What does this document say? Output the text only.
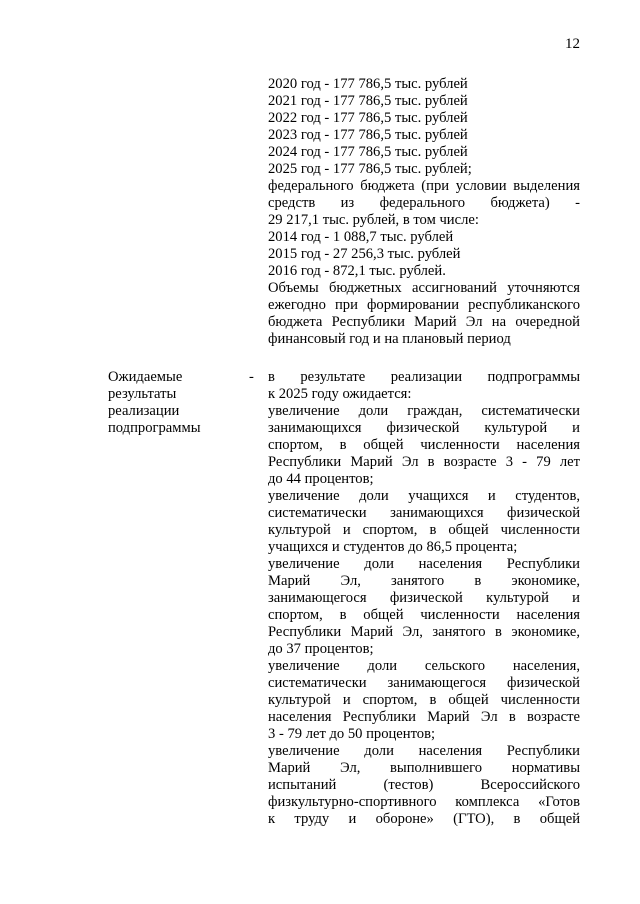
12
2020 год - 177 786,5 тыс. рублей
2021 год - 177 786,5 тыс. рублей
2022 год - 177 786,5 тыс. рублей
2023 год - 177 786,5 тыс. рублей
2024 год - 177 786,5 тыс. рублей
2025 год - 177 786,5 тыс. рублей;
федерального бюджета (при условии выделения
средств из федерального бюджета) -
29 217,1 тыс. рублей, в том числе:
2014 год - 1 088,7 тыс. рублей
2015 год - 27 256,3 тыс. рублей
2016 год - 872,1 тыс. рублей.
Объемы бюджетных ассигнований уточняются
ежегодно при формировании республиканского
бюджета Республики Марий Эл на очередной
финансовый год и на плановый период
Ожидаемые
результаты
реализации
подпрограммы
- в результате реализации подпрограммы
к 2025 году ожидается:
увеличение доли граждан, систематически
занимающихся физической культурой и
спортом, в общей численности населения
Республики Марий Эл в возрасте 3 - 79 лет
до 44 процентов;
увеличение доли учащихся и студентов,
систематически занимающихся физической
культурой и спортом, в общей численности
учащихся и студентов до 86,5 процента;
увеличение доли населения Республики
Марий Эл, занятого в экономике,
занимающегося физической культурой и
спортом, в общей численности населения
Республики Марий Эл, занятого в экономике,
до 37 процентов;
увеличение доли сельского населения,
систематически занимающегося физической
культурой и спортом, в общей численности
населения Республики Марий Эл в возрасте
3 - 79 лет до 50 процентов;
увеличение доли населения Республики
Марий Эл, выполнившего нормативы
испытаний (тестов) Всероссийского
физкультурно-спортивного комплекса «Готов
к труду и обороне» (ГТО), в общей
